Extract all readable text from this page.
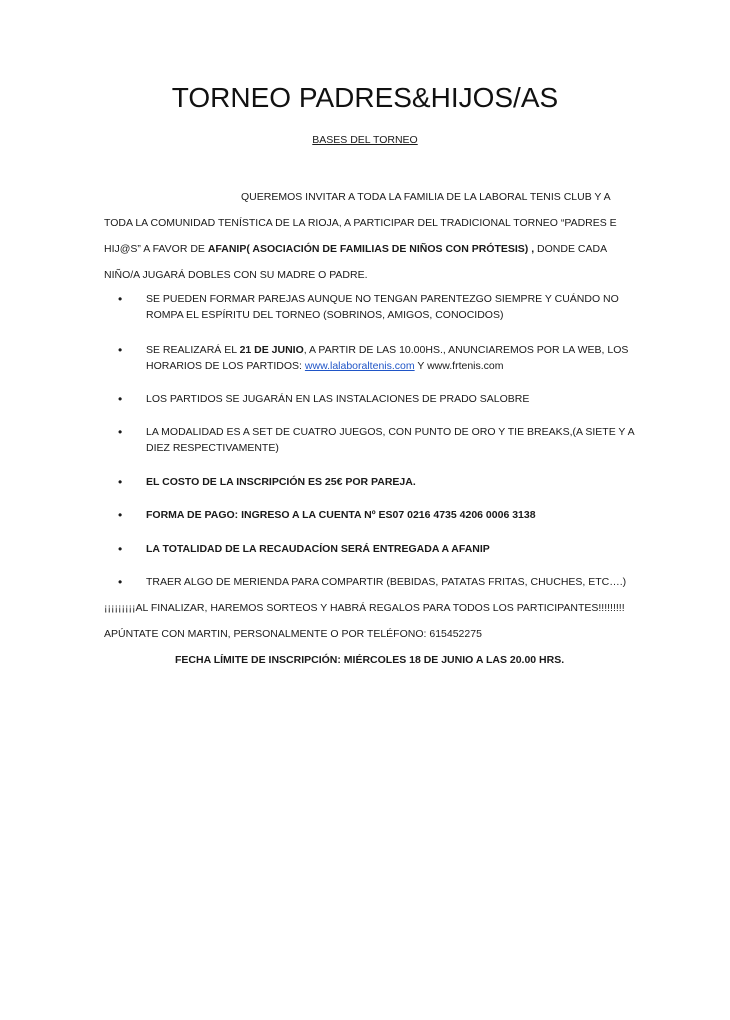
TORNEO PADRES&HIJOS/AS
BASES DEL TORNEO
QUEREMOS INVITAR A TODA LA FAMILIA DE LA LABORAL TENIS CLUB Y A
TODA LA COMUNIDAD TENÍSTICA DE LA RIOJA, A PARTICIPAR DEL TRADICIONAL TORNEO “PADRES E
HIJ@S” A FAVOR DE AFANIP( ASOCIACIÓN DE FAMILIAS DE NIÑOS CON PRÓTESIS) , DONDE CADA
NIÑO/A JUGARÁ DOBLES CON SU MADRE O PADRE.
• SE PUEDEN FORMAR PAREJAS AUNQUE NO TENGAN PARENTEZGO SIEMPRE Y CUÁNDO NO
ROMPA EL ESPÍRITU DEL TORNEO (SOBRINOS, AMIGOS, CONOCIDOS)
• SE REALIZARÁ EL 21 DE JUNIO, A PARTIR DE LAS 10.00HS., ANUNCIAREMOS POR LA WEB, LOS
HORARIOS DE LOS PARTIDOS: www.lalaboraltenis.com Y www.frtenis.com
• LOS PARTIDOS SE JUGARÁN EN LAS INSTALACIONES DE PRADO SALOBRE
• LA MODALIDAD ES A SET DE CUATRO JUEGOS, CON PUNTO DE ORO Y TIE BREAKS,(A SIETE Y A
DIEZ RESPECTIVAMENTE)
• EL COSTO DE LA INSCRIPCIÓN ES 25€ POR PAREJA.
• FORMA DE PAGO: INGRESO A LA CUENTA Nº ES07 0216 4735 4206 0006 3138
• LA TOTALIDAD DE LA RECAUDACÍON SERÁ ENTREGADA A AFANIP
• TRAER ALGO DE MERIENDA PARA COMPARTIR (BEBIDAS, PATATAS FRITAS, CHUCHES, ETC….)
¡¡¡¡¡¡¡¡¡AL FINALIZAR, HAREMOS SORTEOS Y HABRÁ REGALOS PARA TODOS LOS PARTICIPANTES!!!!!!!!!
APÚNTATE CON MARTIN, PERSONALMENTE O POR TELÉFONO: 615452275
FECHA LÍMITE DE INSCRIPCIÓN: MIÉRCOLES 18 DE JUNIO A LAS 20.00 HRS.
